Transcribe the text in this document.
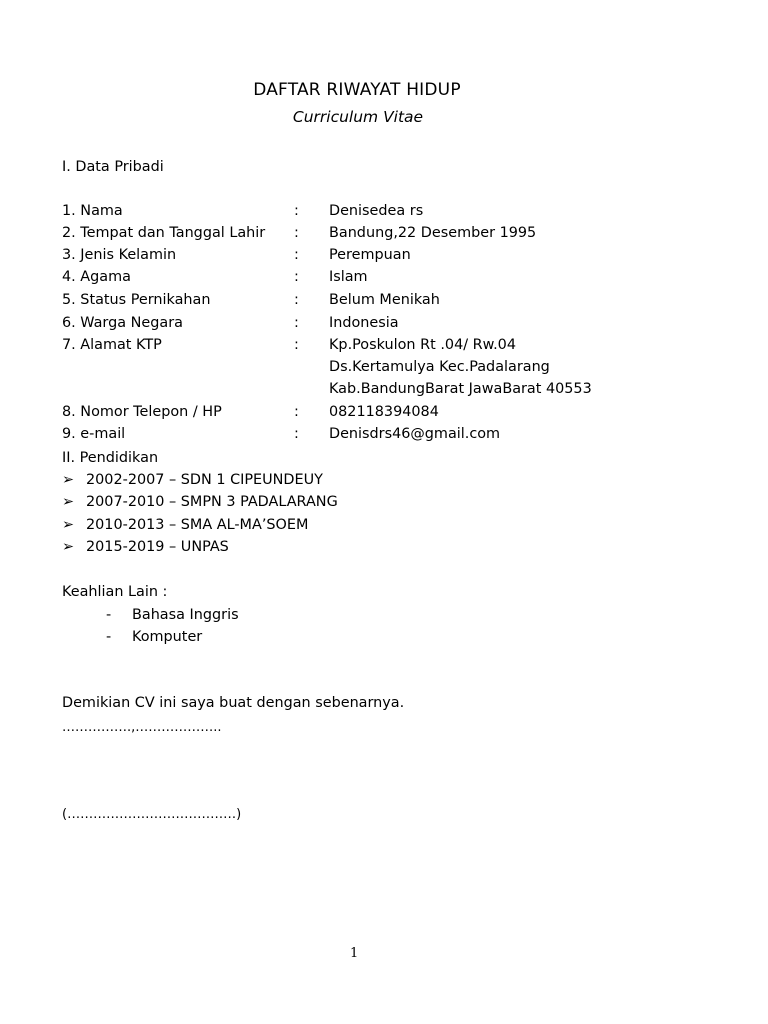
DAFTAR RIWAYAT HIDUP
Curriculum Vitae
I. Data Pribadi
1. Nama	: Denisedea rs
2. Tempat dan Tanggal Lahir : Bandung,22 Desember 1995
3. Jenis Kelamin	: Perempuan
4. Agama	: Islam
5. Status Pernikahan	: Belum Menikah
6. Warga Negara	: Indonesia
7. Alamat KTP	: Kp.Poskulon Rt .04/ Rw.04
Ds.Kertamulya Kec.Padalarang
Kab.BandungBarat JawaBarat 40553
8. Nomor Telepon / HP	: 082118394084
9. e-mail	: Denisdrs46@gmail.com
II. Pendidikan
➢ 2002-2007 – SDN 1 CIPEUNDEUY
➢ 2007-2010 – SMPN 3 PADALARANG
➢ 2010-2013 – SMA AL-MA’SOEM
➢ 2015-2019 – UNPAS
Keahlian Lain :
- Bahasa Inggris
- Komputer
Demikian CV ini saya buat dengan sebenarnya.
…………….,………………..
(…………………………………)
1
